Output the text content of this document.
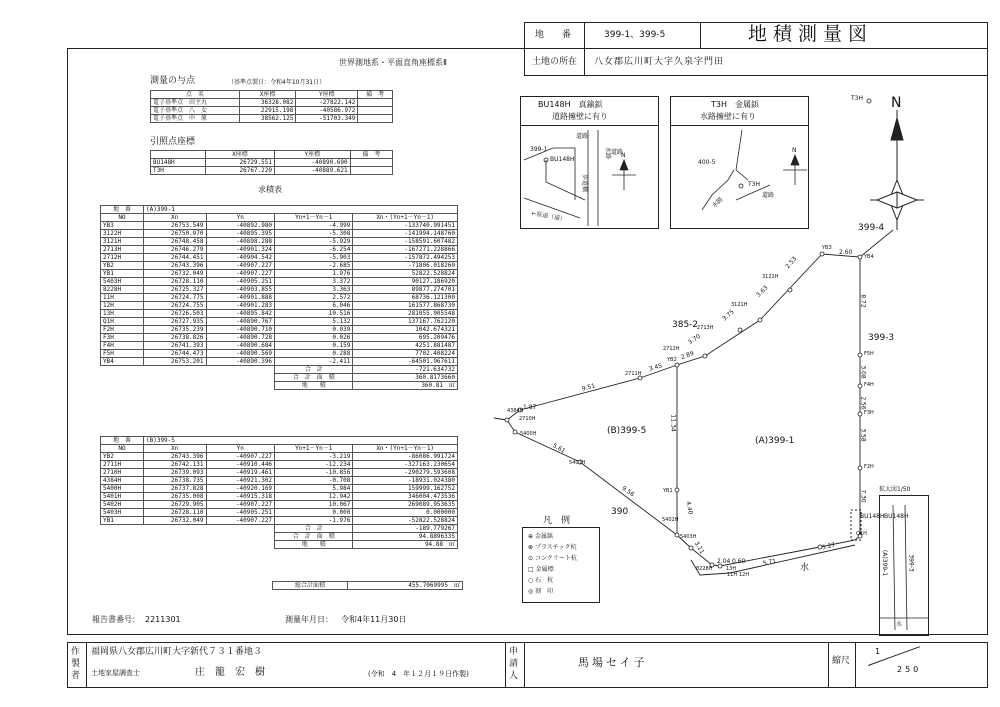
地　　番	399-1、399-5	地積測量図
土地の所在 八女郡広川町大字久泉字門田
世界測地系・平面直角座標系Ⅱ
測量の与点	（基準点製日：令和4年10月31日）
点　名	X座標	Y座標	備　考
電子基準点　田主丸	36328.082	-27822.142	
電子基準点　八　女	22915.198	-40586.972	
電子基準点　中　原	38562.125	-51703.349	
引照点座標
	X座標	Y座標	備　考
BU148H	26729.551	-40890.690	
T3H	26767.220	-40889.621	
求積表
地　番	(A)399-1			
NO	Xn	Yn	Yn+1－Yn－1	Xn・(Yn+1－Yn－1)
YB3	26753.549	-40892.980	-4.999	-133740.991451
3122H	26750.970	-40895.395	-5.308	-141994.148760
3121H	26748.458	-40898.288	-5.929	-158591.607482
2713H	26746.279	-40901.324	-6.254	-167271.228866
2712H	26744.451	-40904.542	-5.903	-157872.494253
YB2	26743.396	-40907.227	-2.685	-71806.018260
YB1	26732.049	-40907.227	1.976	52822.528824
5403H	26728.110	-40905.251	3.372	90127.186920
8228H	26725.327	-40903.855	3.363	89877.274701
11H	26724.775	-40901.888	2.572	68736.121300
12H	26724.755	-40901.283	6.046	161577.868730
13H	26726.503	-40895.842	10.516	281055.905548
Q1H	26727.935	-40890.767	5.132	137167.762120
F2H	26735.239	-40890.710	0.039	1042.674321
F3H	26738.826	-40890.728	0.026	695.209476
F4H	26741.393	-40890.684	0.159	4251.881487
F5H	26744.473	-40890.569	0.288	7702.408224
YB4	26753.201	-40890.396	-2.411	-64501.967611
			合　計	-721.634732
			合　計　面　積	360.8173660
			地　　積	360.81　㎡
地　番	(B)399-5			
NO	Xn	Yn	Yn+1－Yn－1	Xn・(Yn+1－Yn－1)
YB2	26743.396	-40907.227	-3.219	-86086.991724
2711H	26742.131	-40910.446	-12.234	-327163.230654
2710H	26739.093	-40919.461	-10.856	-290279.593608
4384H	26738.735	-40921.302	-0.708	-18931.024380
5400H	26737.828	-40920.169	5.984	159999.162752
5401H	26735.008	-40915.318	12.942	346004.473536
5402H	26729.905	-40907.227	10.067	269089.953635
5403H	26728.110	-40905.251	0.000	0.000000
YB1	26732.049	-40907.227	-1.976	-52822.528824
			合　計	-189.779267
			合　計　面　積	94.8896335
			地　　積	94.88　㎡
総合計面積	455.7069995　㎡
報告書番号： 2211301	測量年月日： 令和4年11月30日
作製者
福岡県八女郡広川町大字新代７３１番地３
土地家屋調査士	庄　籠　宏　樹	(令和　4　年１２月１９日作製)
申請人
馬場セイ子	縮尺
1
250
BU148H　真鍮鋲
道路擁壁に有り
T3H　金属鋲
水路擁壁に有り
凡　例
⊕ 金属鋲
⊗ プラスチック杭
⊙ コンクリート杭
□ 金属標
○ 石　杭
◎ 刻　印
拡大図1/50
399-4
385-2
399-3
(B)399-5
(A)399-1
390
水
T3H N
YB3
YB4
3122H
3121H
2713H
2712H
YB2
2711H
4384H
2710H
5400H
5401H
YB1
5402H
5403H
8228H
11H 12H
13H
Q1H
F2H
F3H
F4H
F5H
BU148H
2.60
2.53
3.63
3.75
3.70
2.89
3.45
9.51
1.87
5.61
9.56
4.40
3.11
2.04 0.60	5.71
5.27
7.30
3.58
2.56
3.08
8.72
11.34
399-1
BU148H
道路
水路
歩道橋
道路
←県道（道）
400-5
T3H
水路
道路
N
N
BU148H
(A)399-1	399-3
水
